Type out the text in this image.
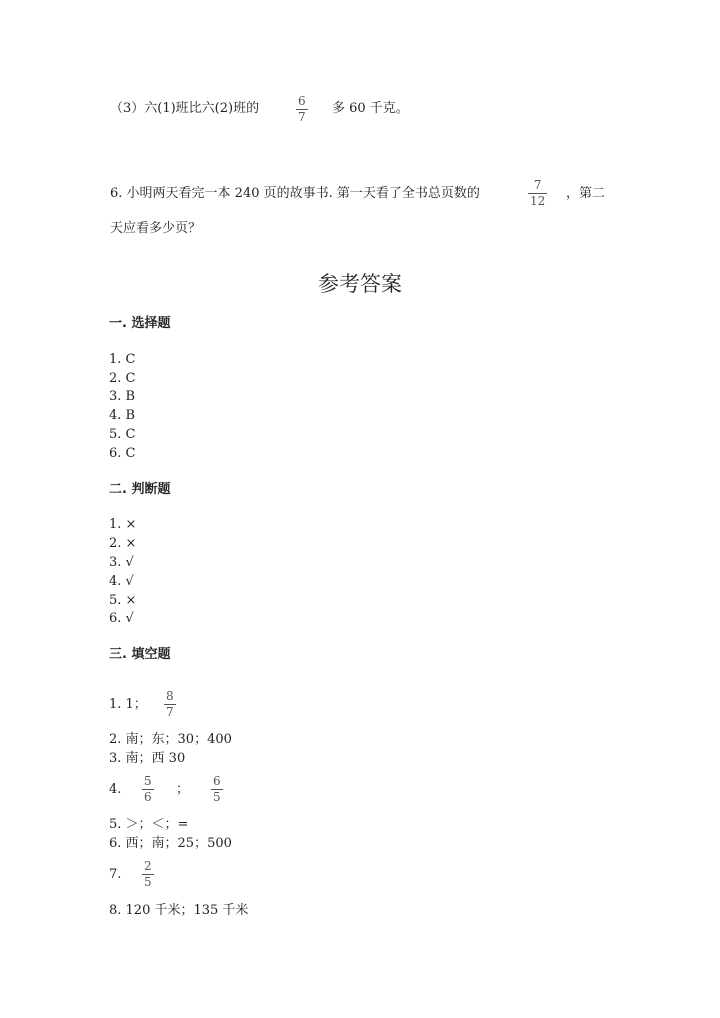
（3）六(1)班比六(2)班的	6
7
多 60 千克。
6. 小明两天看完一本 240 页的故事书. 第一天看了全书总页数的
7
12 ，第二
天应看多少页？
参考答案
一. 选择题
1. C
2. C
3. B
4. B
5. C
6. C
二. 判断题
1. ×
2. ×
3. √
4. √
5. ×
6. √
三. 填空题
1. 1；
8
7
2. 南；东；30；400
3. 南；西 30
4.
5
6 ；
6
5
5. ＞；＜；=
6. 西；南；25；500
7.
2
5
8. 120 千米；135 千米
